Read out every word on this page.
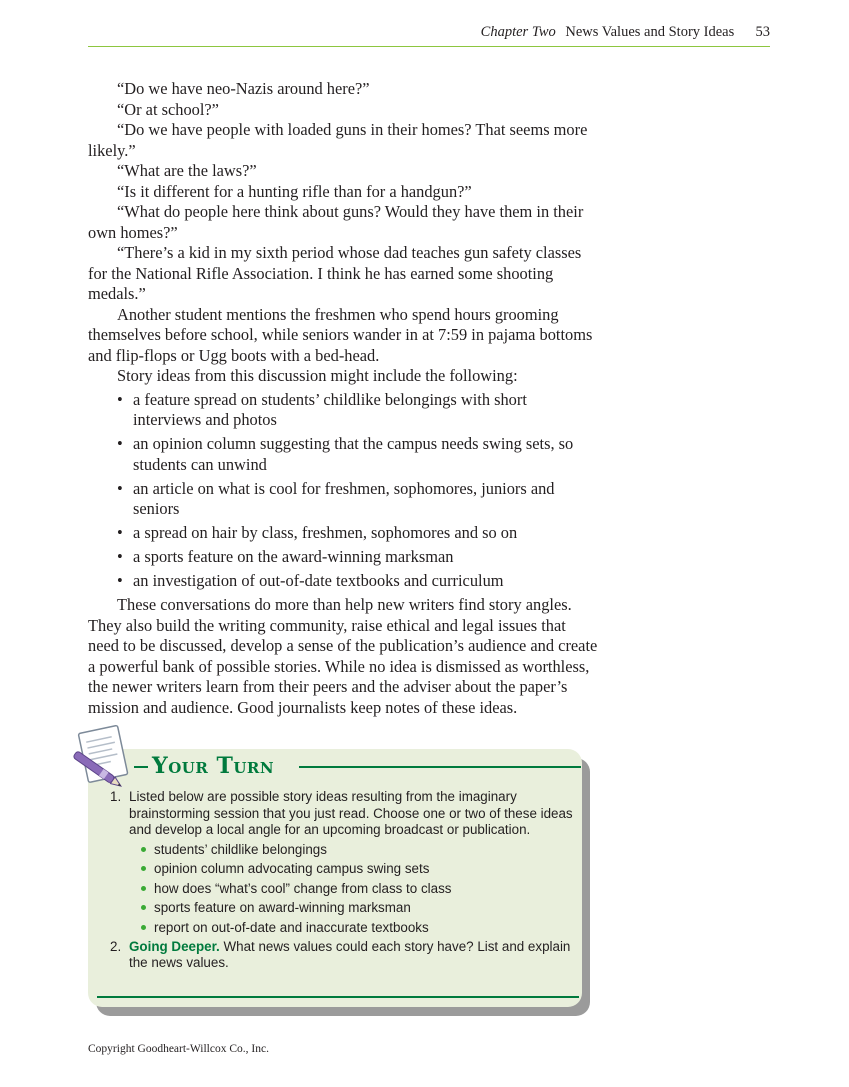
Chapter Two News Values and Story Ideas 53

“Do we have neo-Nazis around here?”

“Or at school?”

“Do we have people with loaded guns in their homes? That seems more likely.”

“What are the laws?”

“Is it different for a hunting rifle than for a handgun?”

“What do people here think about guns? Would they have them in their own homes?”

“There’s a kid in my sixth period whose dad teaches gun safety classes for the National Rifle Association. I think he has earned some shooting medals.”

Another student mentions the freshmen who spend hours grooming themselves before school, while seniors wander in at 7:59 in pajama bottoms and flip-flops or Ugg boots with a bed-head.

Story ideas from this discussion might include the following:

• a feature spread on students’ childlike belongings with short interviews and photos
• an opinion column suggesting that the campus needs swing sets, so students can unwind
• an article on what is cool for freshmen, sophomores, juniors and seniors
• a spread on hair by class, freshmen, sophomores and so on
• a sports feature on the award-winning marksman
• an investigation of out-of-date textbooks and curriculum

These conversations do more than help new writers find story angles. They also build the writing community, raise ethical and legal issues that need to be discussed, develop a sense of the publication’s audience and create a powerful bank of possible stories. While no idea is dismissed as worthless, the newer writers learn from their peers and the adviser about the paper’s mission and audience. Good journalists keep notes of these ideas.

Your Turn
1. Listed below are possible story ideas resulting from the imaginary brainstorming session that you just read. Choose one or two of these ideas and develop a local angle for an upcoming broadcast or publication.
students’ childlike belongings
opinion column advocating campus swing sets
how does “what’s cool” change from class to class
sports feature on award-winning marksman
report on out-of-date and inaccurate textbooks
2. Going Deeper. What news values could each story have? List and explain the news values.
Copyright Goodheart-Willcox Co., Inc.
